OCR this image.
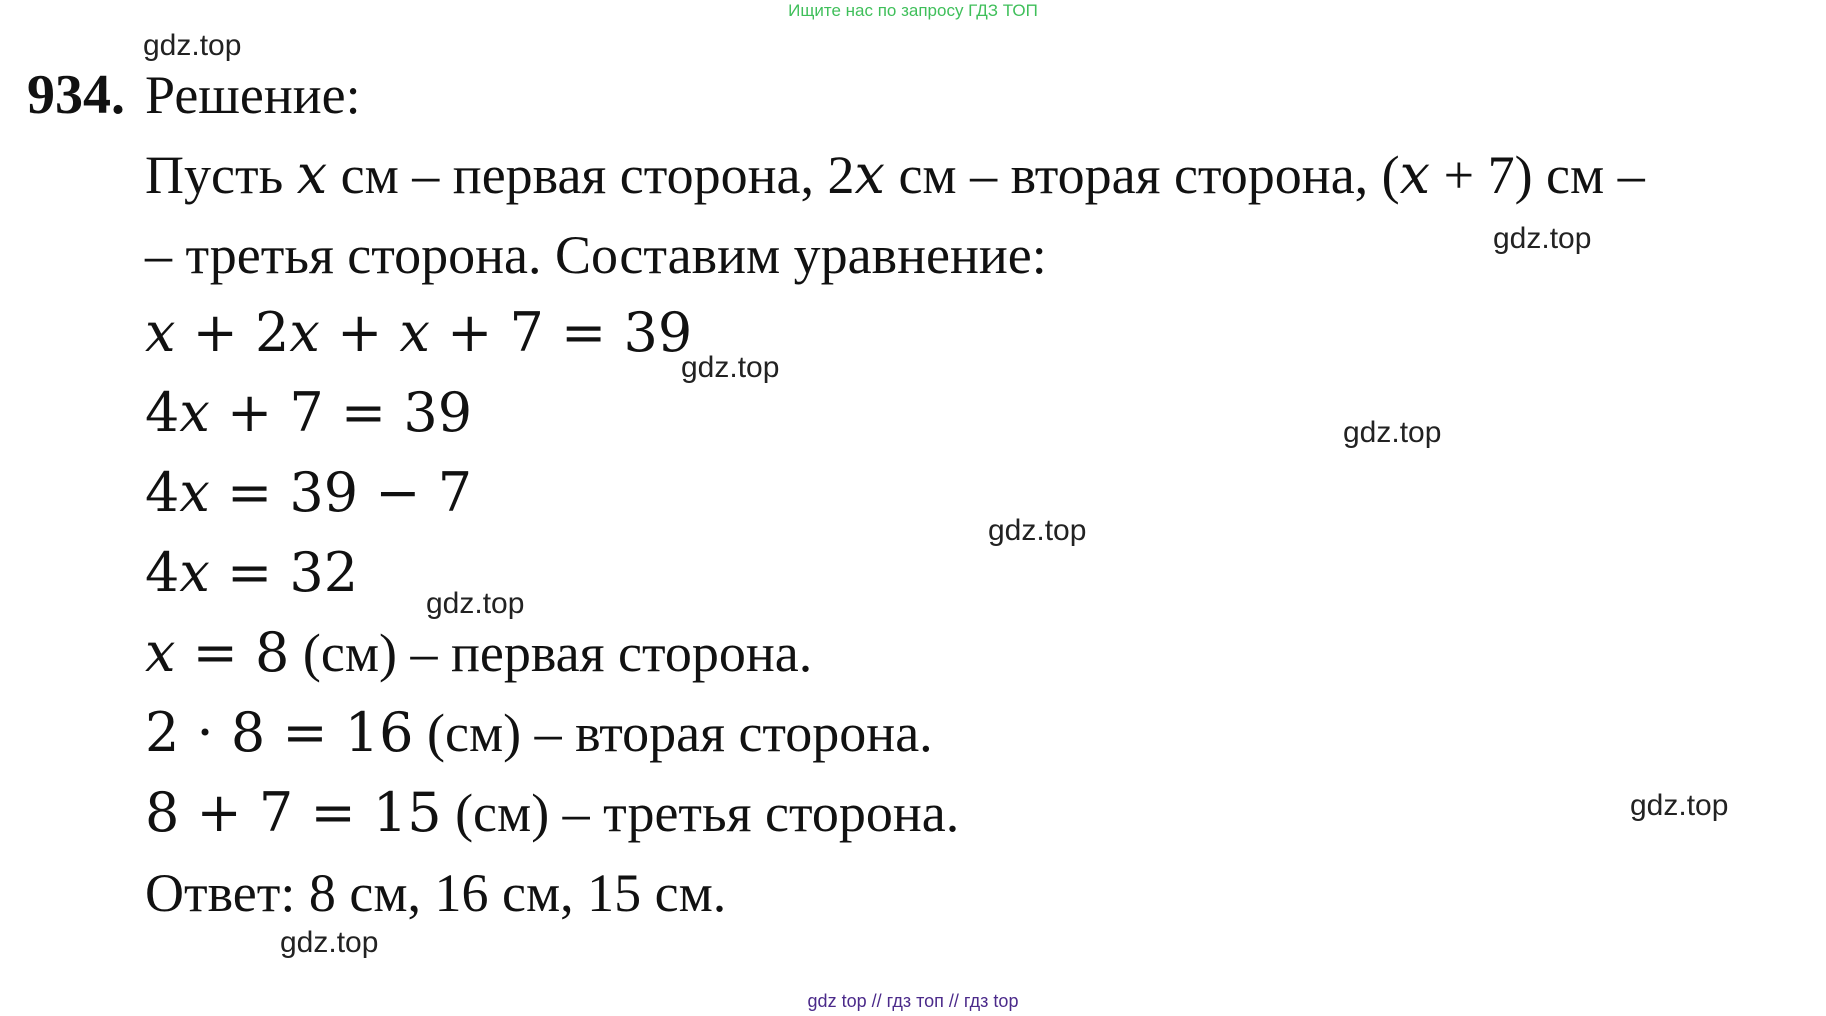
Ищите нас по запросу ГДЗ ТОП
gdz.top
gdz.top
gdz.top
gdz.top
gdz.top
gdz.top
gdz.top
gdz.top
934. Решение:
Пусть x см – первая сторона, 2x см – вторая сторона, (x + 7) см –
– третья сторона. Составим уравнение:
x + 2x + x + 7 = 39
4x + 7 = 39
4x = 39 − 7
4x = 32
x = 8 (см) – первая сторона.
2 · 8 = 16 (см) – вторая сторона.
8 + 7 = 15 (см) – третья сторона.
Ответ: 8 см, 16 см, 15 см.
gdz top // гдз топ // гдз top
